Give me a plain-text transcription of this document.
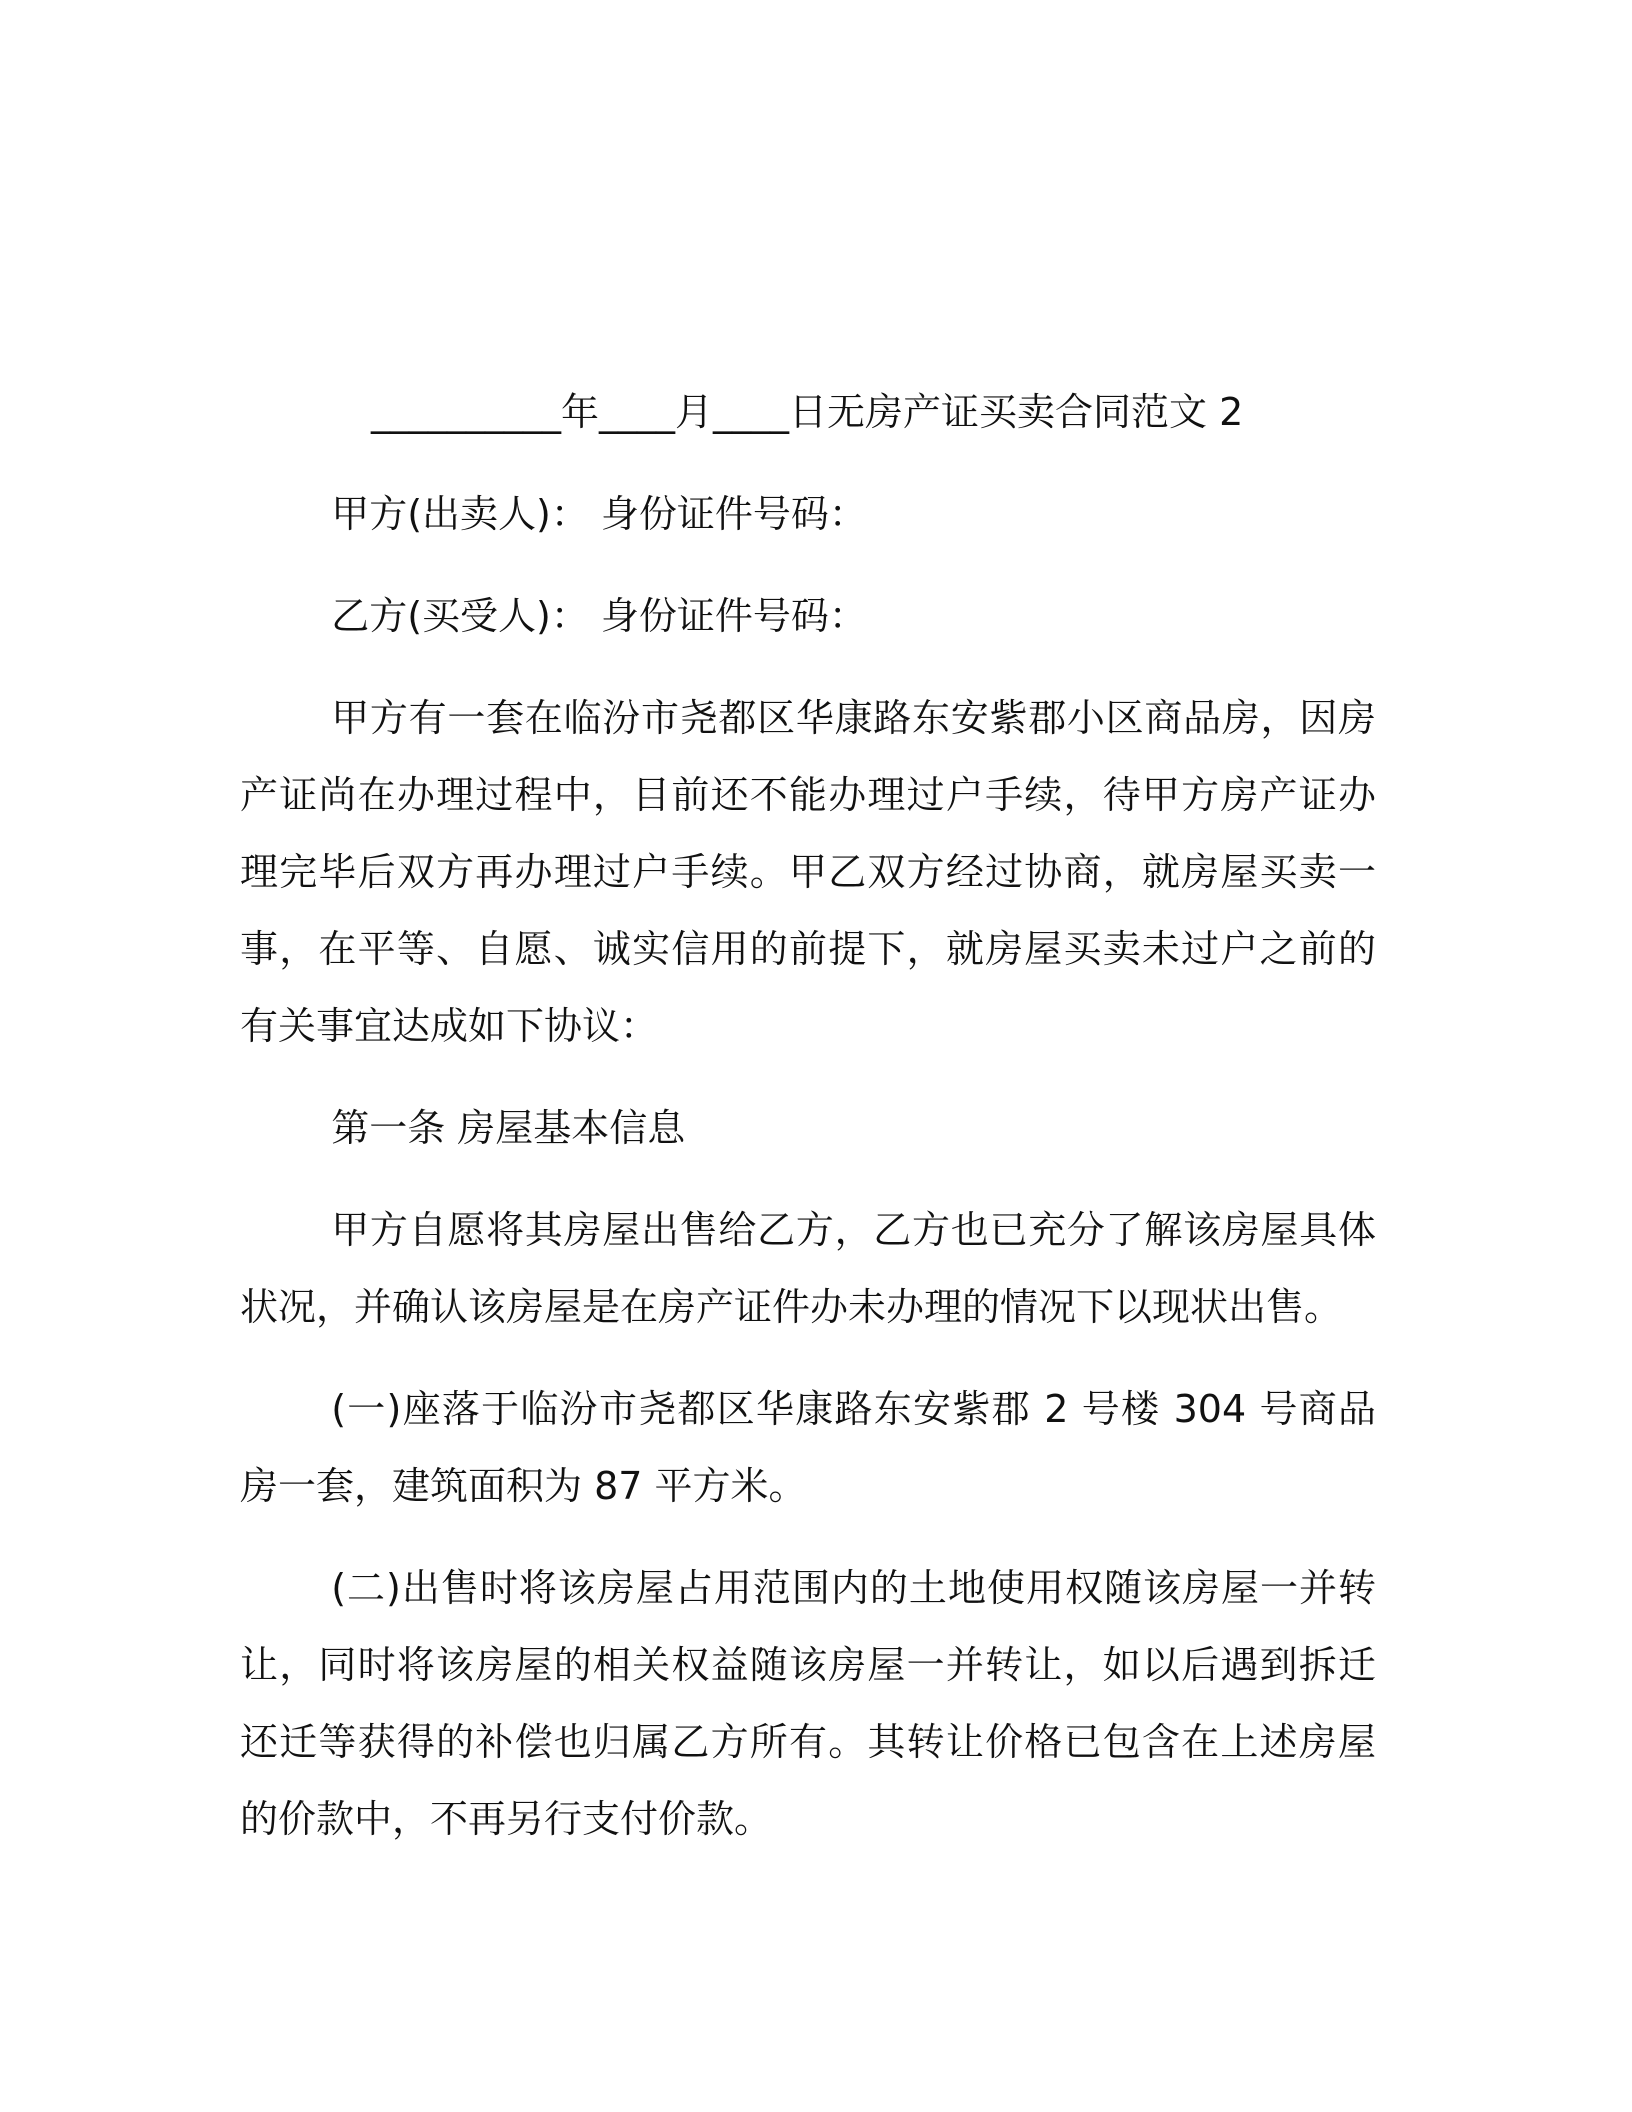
__________年____月____日无房产证买卖合同范文 2

甲方(出卖人)： 身份证件号码：

乙方(买受人)： 身份证件号码：

甲方有一套在临汾市尧都区华康路东安紫郡小区商品房，因房产证尚在办理过程中，目前还不能办理过户手续，待甲方房产证办理完毕后双方再办理过户手续。甲乙双方经过协商，就房屋买卖一事，在平等、自愿、诚实信用的前提下，就房屋买卖未过户之前的有关事宜达成如下协议：

第一条 房屋基本信息

甲方自愿将其房屋出售给乙方，乙方也已充分了解该房屋具体状况，并确认该房屋是在房产证件办未办理的情况下以现状出售。

(一)座落于临汾市尧都区华康路东安紫郡 2 号楼 304 号商品房一套，建筑面积为 87 平方米。

(二)出售时将该房屋占用范围内的土地使用权随该房屋一并转让，同时将该房屋的相关权益随该房屋一并转让，如以后遇到拆迁还迁等获得的补偿也归属乙方所有。其转让价格已包含在上述房屋的价款中，不再另行支付价款。
